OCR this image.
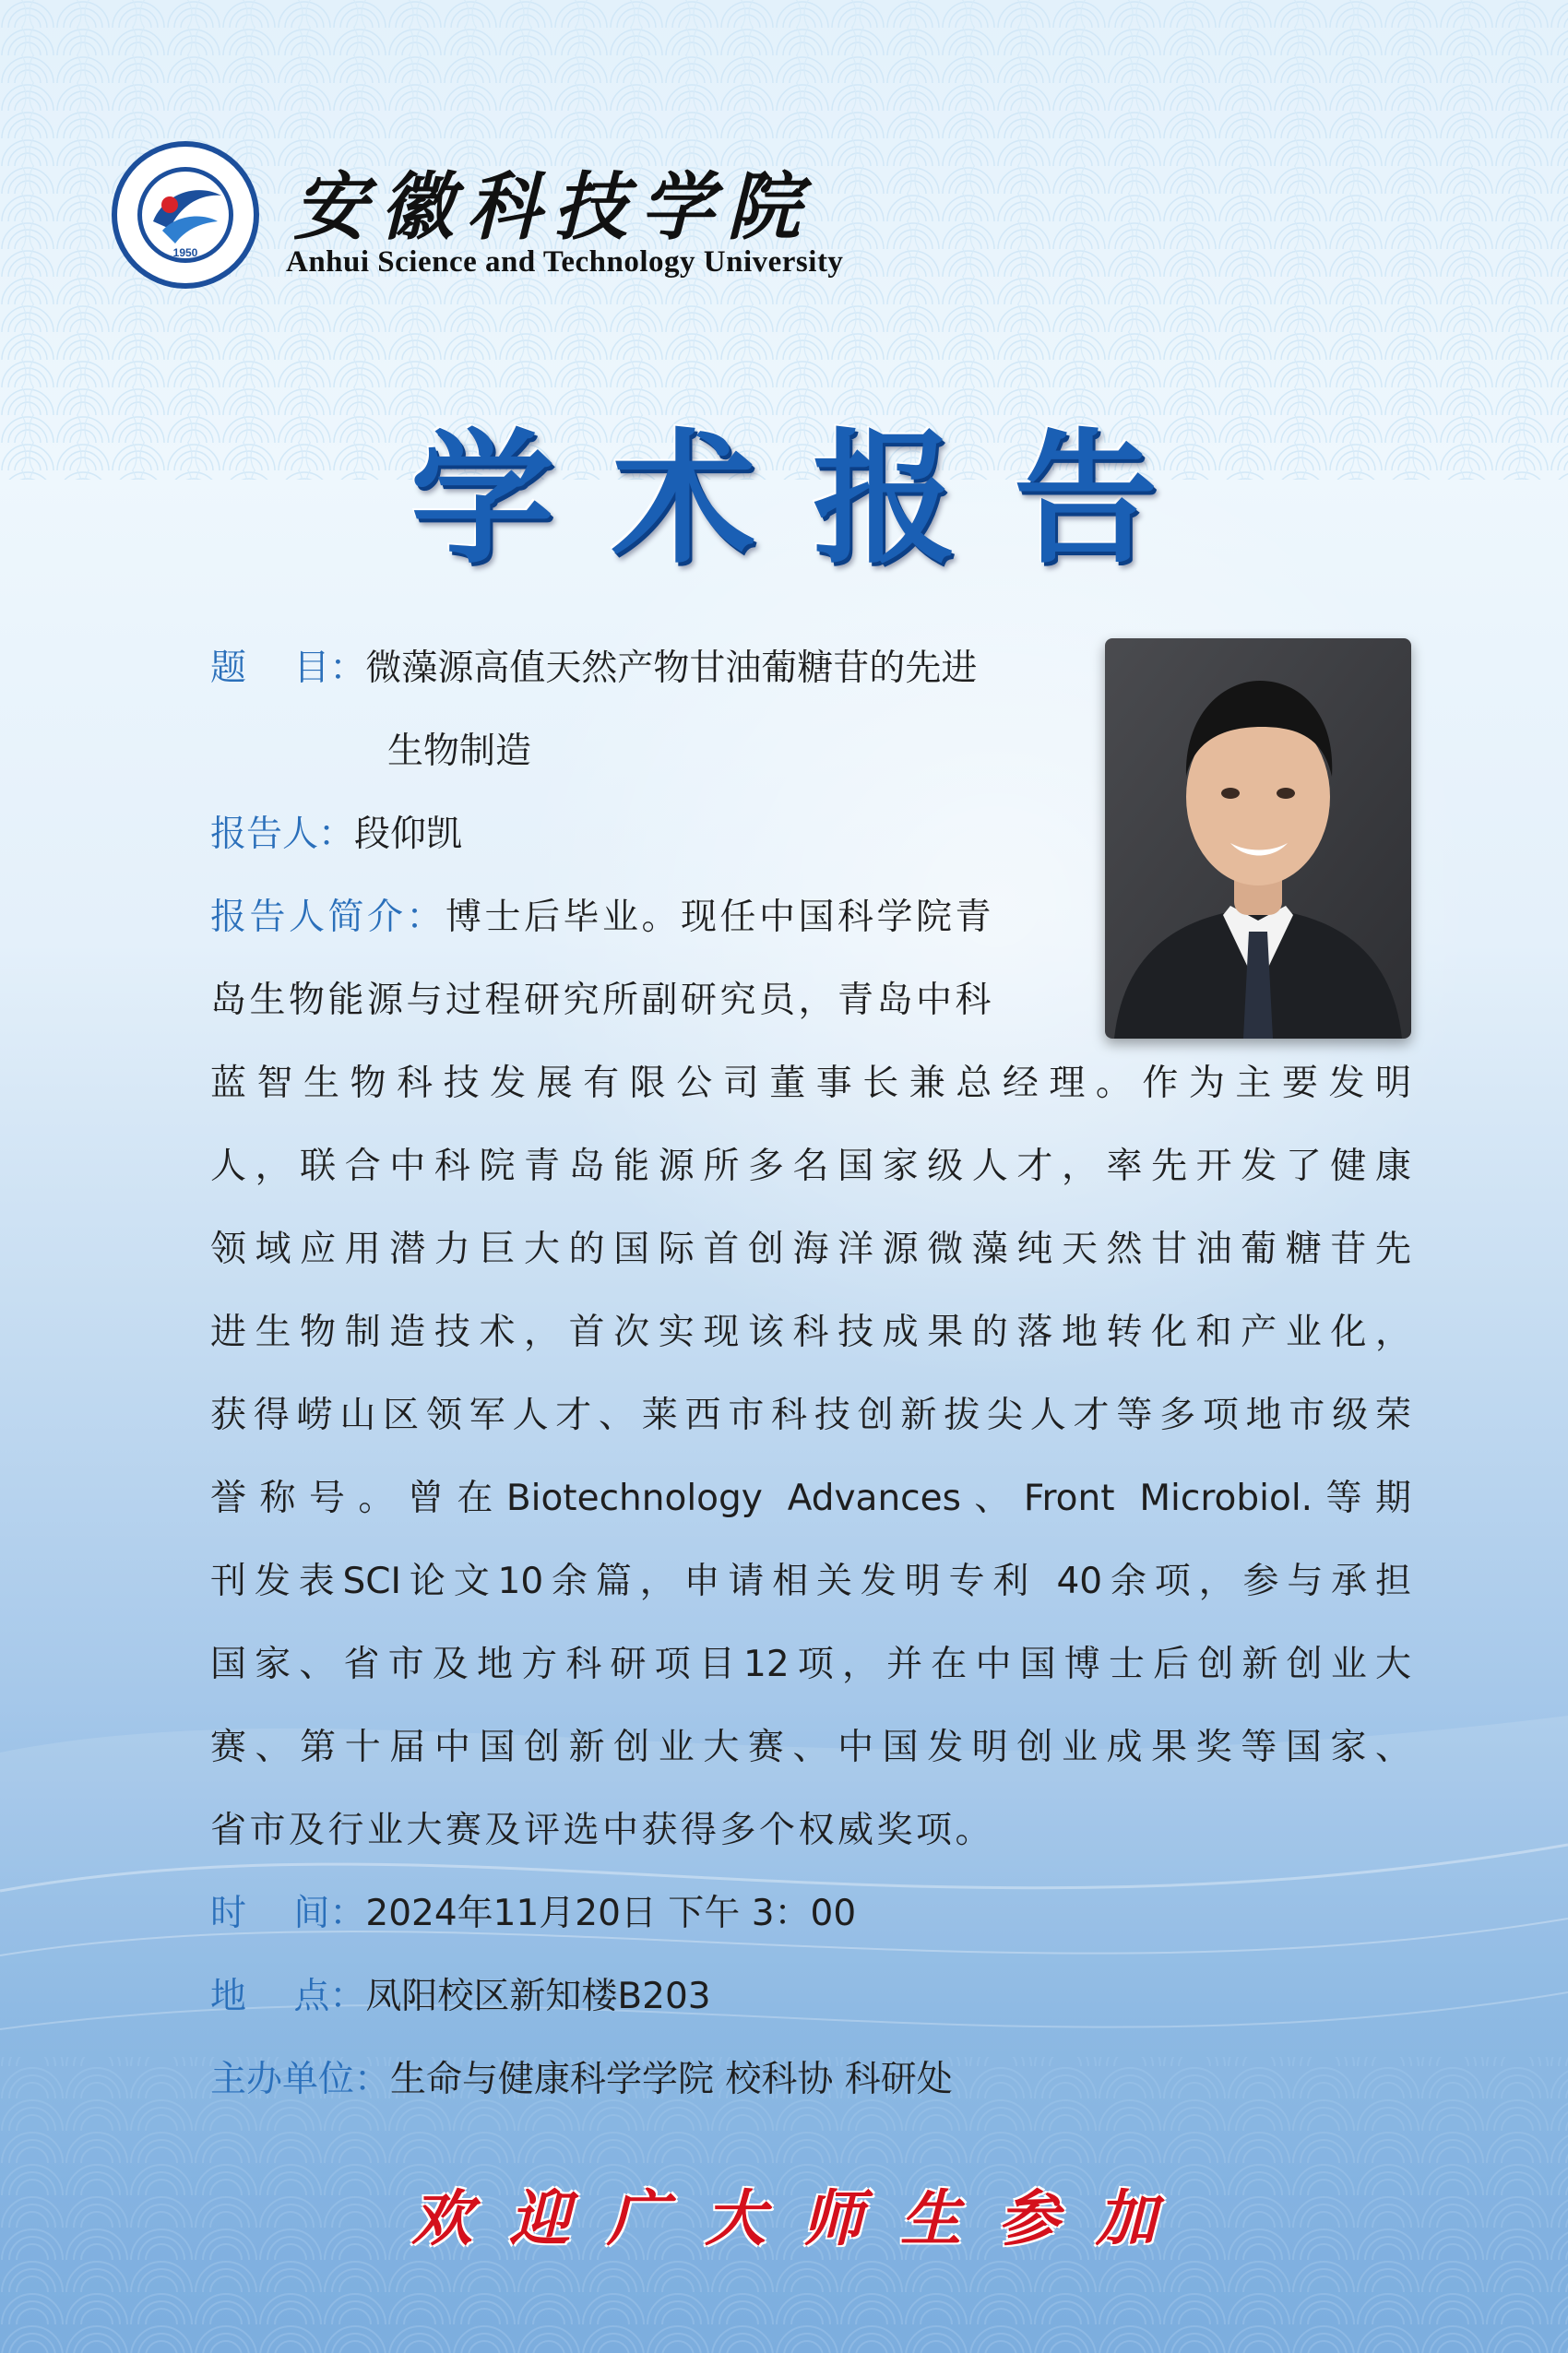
1950
安徽科技学院
Anhui Science and Technology University
学术报告
题　 目：微藻源高值天然产物甘油葡糖苷的先进
生物制造
报告人：段仰凯
报告人简介：博士后毕业。现任中国科学院青
岛生物能源与过程研究所副研究员，青岛中科
蓝智生物科技发展有限公司董事长兼总经理。作为主要发明
人，联合中科院青岛能源所多名国家级人才，率先开发了健康
领域应用潜力巨大的国际首创海洋源微藻纯天然甘油葡糖苷先
进生物制造技术，首次实现该科技成果的落地转化和产业化，
获得崂山区领军人才、莱西市科技创新拔尖人才等多项地市级荣
誉称号。曾在Biotechnology Advances、Front Microbiol.等期
刊发表SCI论文10余篇，申请相关发明专利 40余项，参与承担
国家、省市及地方科研项目12项，并在中国博士后创新创业大
赛、第十届中国创新创业大赛、中国发明创业成果奖等国家、
省市及行业大赛及评选中获得多个权威奖项。
时　 间：2024年11月20日 下午 3：00
地　 点：凤阳校区新知楼B203
主办单位：生命与健康科学学院 校科协 科研处
欢迎广大师生参加
